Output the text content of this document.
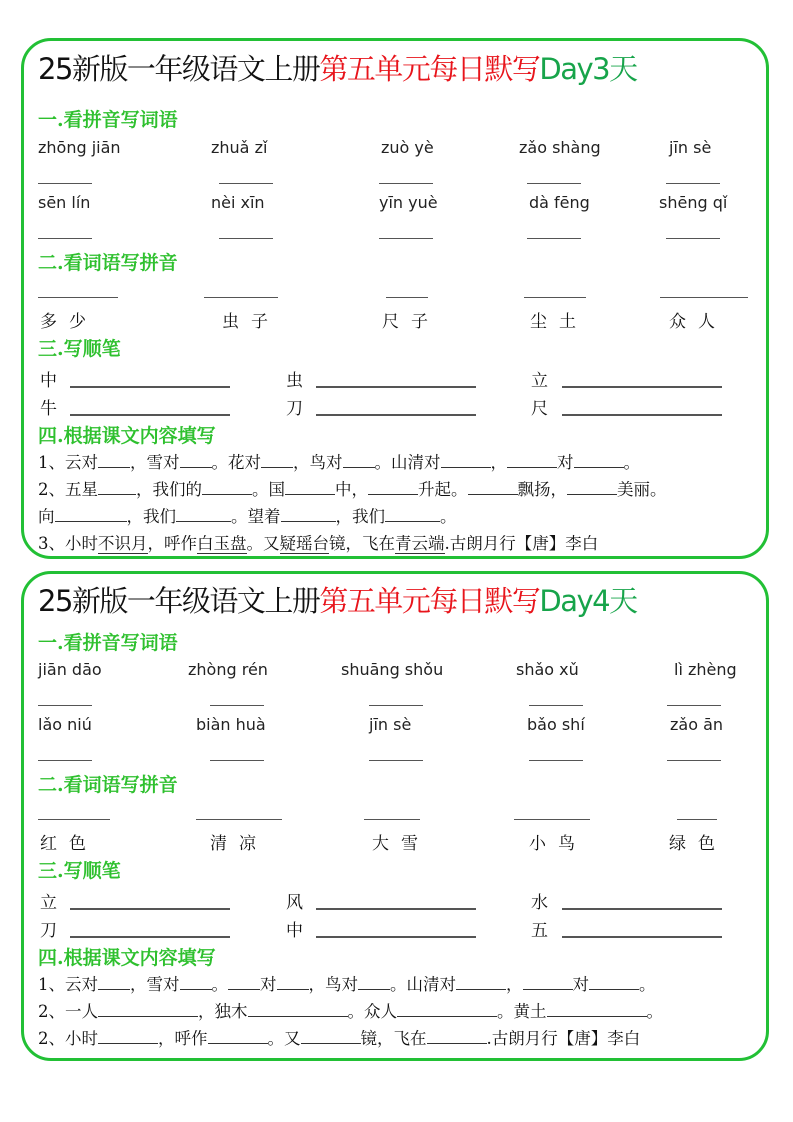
25新版一年级语文上册第五单元每日默写Day3天
一.看拼音写词语
zhōng jiān	zhuǎ zǐ	zuò yè	zǎo shàng	jīn sè
sēn lín	nèi xīn	yīn yuè	dà fēng	shēng qǐ
二.看词语写拼音
多少	虫子	尺子	尘土	众人
三.写顺笔
中	虫	立
牛	刀	尺
四.根据课文内容填写
1、云对 ，雪对 。花对 ，鸟对 。山清对	，	对	。
2、五星 ，我们的	。国	中，	升起。	飘扬，	美丽。
向	，我们	。望着	，我们	。
3、小时不识月，呼作白玉盘。又疑瑶台镜，飞在青云端.古朗月行【唐】李白
25新版一年级语文上册第五单元每日默写Day4天
一.看拼音写词语
jiān dāo	zhòng rén	shuāng shǒu	shǎo xǔ	lì zhèng
lǎo niú	biàn huà	jīn sè	bǎo shí	zǎo ān
二.看词语写拼音
红色	清凉	大雪	小鸟	绿色
三.写顺笔
立	风	水
刀	中	五
四.根据课文内容填写
1、云对 ，雪对 。 对 ，鸟对 。山清对	，	对	。
2、一人	，独木	。众人	。黄土	。
2、小时	，呼作	。又	镜，飞在	.古朗月行【唐】李白
